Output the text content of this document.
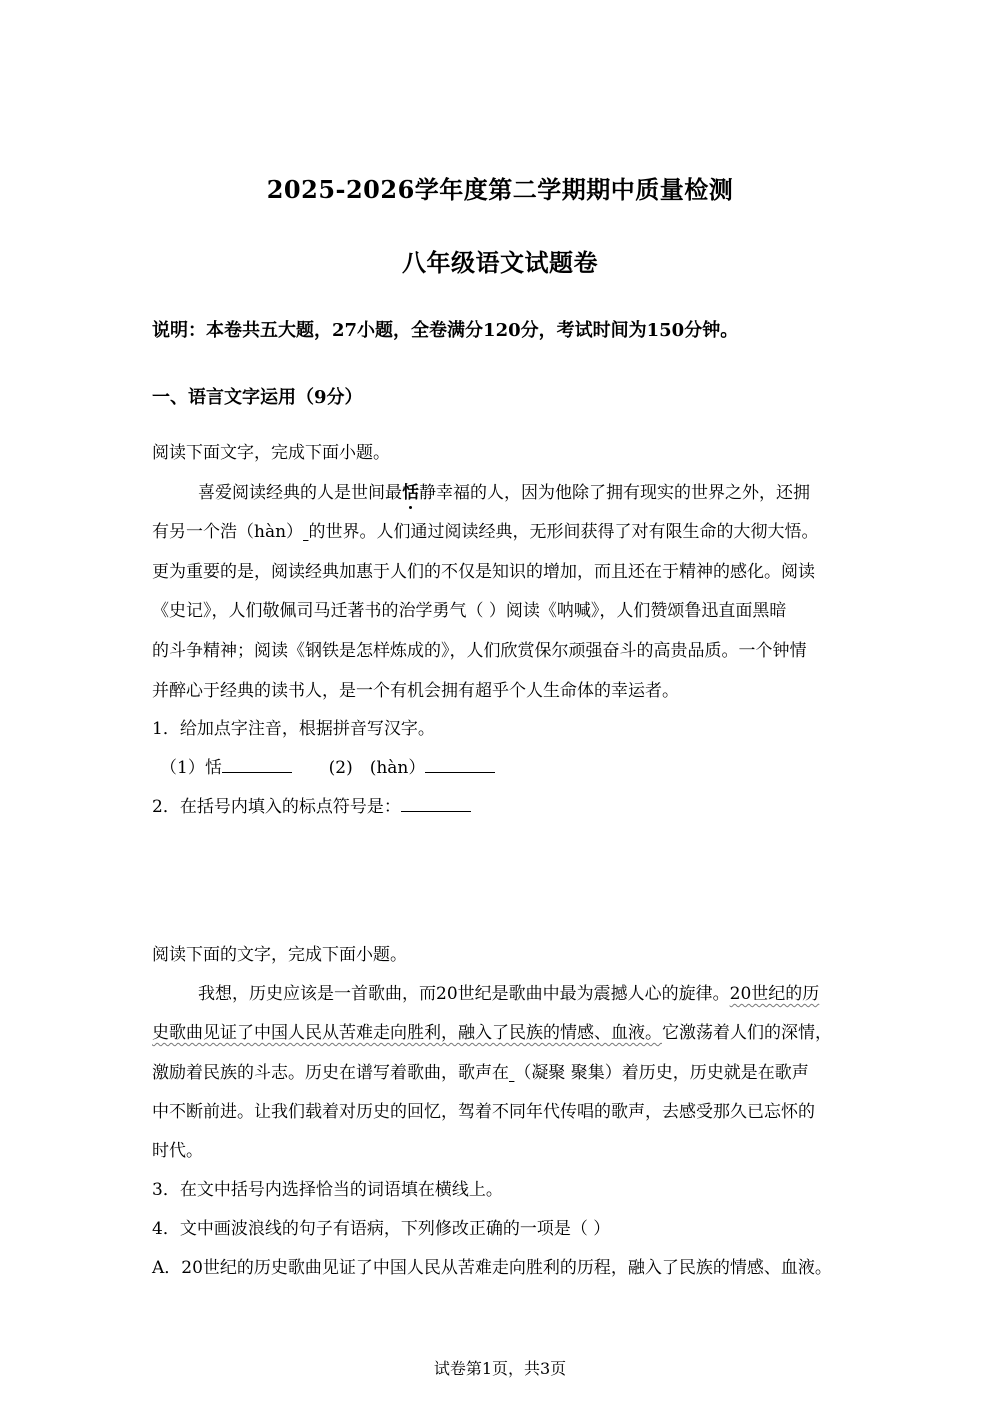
2025-2026学年度第二学期期中质量检测
八年级语文试题卷
说明：本卷共五大题，27小题，全卷满分120分，考试时间为150分钟。
一、语言文字运用（9分）
阅读下面文字，完成下面小题。
喜爱阅读经典的人是世间最恬静幸福的人，因为他除了拥有现实的世界之外，还拥
有另一个浩（hàn） 的世界。人们通过阅读经典，无形间获得了对有限生命的大彻大悟。
更为重要的是，阅读经典加惠于人们的不仅是知识的增加，而且还在于精神的感化。阅读
《史记》，人们敬佩司马迁著书的治学勇气（ ）阅读《呐喊》，人们赞颂鲁迅直面黑暗
的斗争精神；阅读《钢铁是怎样炼成的》，人们欣赏保尔顽强奋斗的高贵品质。一个钟情
并醉心于经典的读书人，是一个有机会拥有超乎个人生命体的幸运者。
1．给加点字注音，根据拼音写汉字。
（1）恬	(2)　(hàn）
2．在括号内填入的标点符号是：
阅读下面的文字，完成下面小题。
我想，历史应该是一首歌曲，而20世纪是歌曲中最为震撼人心的旋律。20世纪的历
史歌曲见证了中国人民从苦难走向胜利，融入了民族的情感、血液。它激荡着人们的深情，
激励着民族的斗志。历史在谱写着歌曲，歌声在 （凝聚 聚集）着历史，历史就是在歌声
中不断前进。让我们载着对历史的回忆，驾着不同年代传唱的歌声，去感受那久已忘怀的
时代。
3．在文中括号内选择恰当的词语填在横线上。
4．文中画波浪线的句子有语病，下列修改正确的一项是（ ）
A．20世纪的历史歌曲见证了中国人民从苦难走向胜利的历程，融入了民族的情感、血液。
试卷第1页，共3页
